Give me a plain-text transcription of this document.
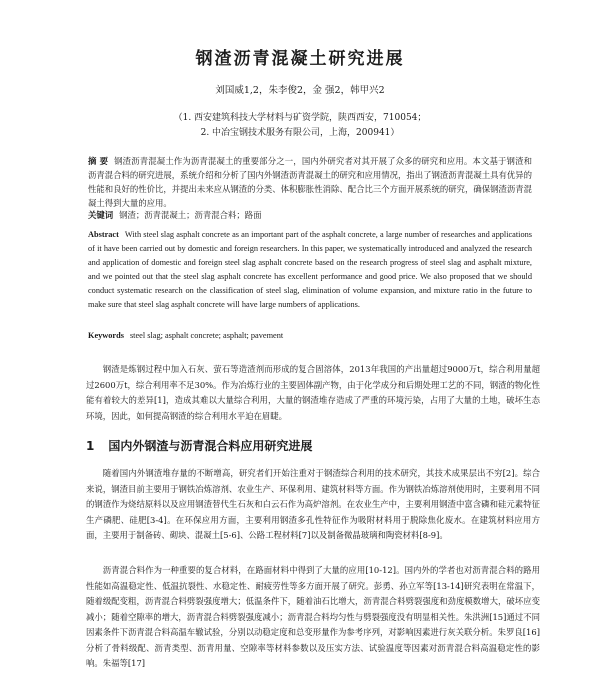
钢渣沥青混凝土研究进展
刘国威1,2，朱李俊2，金 强2，韩甲兴2
（1. 西安建筑科技大学材料与矿资学院，陕西西安，710054；
2. 中冶宝钢技术服务有限公司，上海，200941）
摘 要 钢渣沥青混凝土作为沥青混凝土的重要部分之一，国内外研究者对其开展了众多的研究和应用。本文基于钢渣和沥青混合料的研究进展，系统介绍和分析了国内外钢渣沥青混凝土的研究和应用情况，指出了钢渣沥青混凝土具有优异的性能和良好的性价比，并提出未来应从钢渣的分类、体积膨胀性消除、配合比三个方面开展系统的研究，确保钢渣沥青混凝土得到大量的应用。
关键词 钢渣；沥青混凝土；沥青混合料；路面
Abstract With steel slag asphalt concrete as an important part of the asphalt concrete, a large number of researches and applications of it have been carried out by domestic and foreign researchers. In this paper, we systematically introduced and analyzed the research and application of domestic and foreign steel slag asphalt concrete based on the research progress of steel slag and asphalt mixture, and we pointed out that the steel slag asphalt concrete has excellent performance and good price. We also proposed that we should conduct systematic research on the classification of steel slag, elimination of volume expansion, and mixture ratio in the future to make sure that steel slag asphalt concrete will have large numbers of applications.
Keywords steel slag; asphalt concrete; asphalt; pavement
钢渣是炼钢过程中加入石灰、萤石等造渣剂而形成的复合固溶体，2013年我国的产出量超过9000万t，综合利用量超过2600万t，综合利用率不足30%。作为冶炼行业的主要固体副产物，由于化学成分和后期处理工艺的不同，钢渣的物化性能有着较大的差异[1]，造成其难以大量综合利用，大量的钢渣堆存造成了严重的环境污染，占用了大量的土地，破坏生态环境，因此，如何提高钢渣的综合利用水平迫在眉睫。
1 国内外钢渣与沥青混合料应用研究进展
随着国内外钢渣堆存量的不断增高，研究者们开始注重对于钢渣综合利用的技术研究，其技术成果层出不穷[2]。综合来说，钢渣目前主要用于钢铁冶炼溶剂、农业生产、环保利用、建筑材料等方面。作为钢铁冶炼溶剂使用时，主要利用不同的钢渣作为烧结原料以及应用钢渣替代生石灰和白云石作为高炉溶剂。在农业生产中，主要利用钢渣中富含磷和硅元素特征生产磷肥、硅肥[3-4]。在环保应用方面，主要利用钢渣多孔性特征作为吸附材料用于脱除焦化废水。在建筑材料应用方面，主要用于制备砖、砌块、混凝土[5-6]、公路工程材料[7]以及制备微晶玻璃和陶瓷材料[8-9]。
沥青混合料作为一种重要的复合材料，在路面材料中得到了大量的应用[10-12]。国内外的学者也对沥青混合料的路用性能如高温稳定性、低温抗裂性、水稳定性、耐疲劳性等多方面开展了研究。彭勇、孙立军等[13-14]研究表明在常温下，随着级配变粗，沥青混合料劈裂强度增大；低温条件下，随着油石比增大，沥青混合料劈裂强度和劲度模数增大，破坏应变减小；随着空隙率的增大，沥青混合料劈裂强度减小；沥青混合料均匀性与劈裂强度没有明显相关性。朱洪洲[15]通过不同因素条件下沥青混合料高温车辙试验，分别以动稳定度和总变形量作为参考序列，对影响因素进行灰关联分析。朱罗良[16]分析了骨料级配、沥青类型、沥青用量、空隙率等材料参数以及压实方法、试验温度等因素对沥青混合料高温稳定性的影响。朱福等[17]
